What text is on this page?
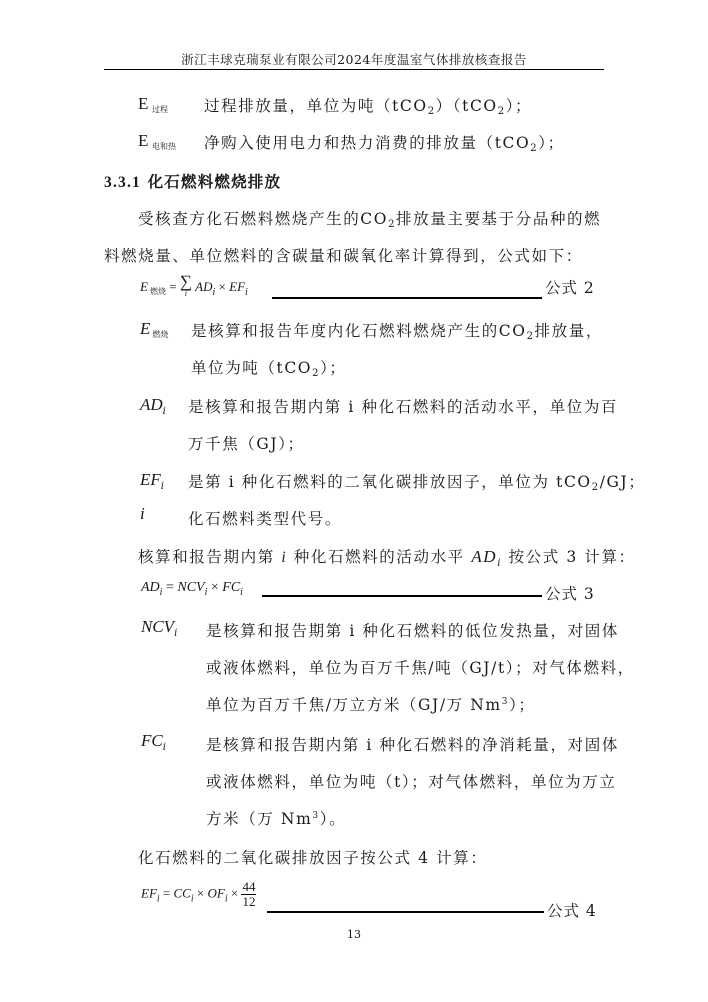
浙江丰球克瑞泵业有限公司2024年度温室气体排放核查报告
E过程 过程排放量，单位为吨（tCO$_2$）（tCO$_2$）；
E电和热 净购入使用电力和热力消费的排放量（tCO$_2$）；
3.3.1 化石燃料燃烧排放
受核查方化石燃料燃烧产生的$CO_2$排放量主要基于分品种的燃
料燃烧量、单位燃料的含碳量和碳氧化率计算得到，公式如下：
E $_{燃烧}$ = ∑
i $AD_i \times EF_i$	公式 2
E燃烧 是核算和报告年度内化石燃料燃烧产生的$CO_2$排放量，
单位为吨（tCO$_2$）；
$AD_i$ 是核算和报告期内第 i 种化石燃料的活动水平，单位为百
万千焦（GJ）；
$EF_i$ 是第 i 种化石燃料的二氧化碳排放因子，单位为 tCO$_2$/GJ；
i	化石燃料类型代号。
核算和报告期内第 i 种化石燃料的活动水平 $AD_i$ 按公式 3 计算：
$AD_i = NCV_i \times FC_i$	公式 3
$NCV_i$ 是核算和报告期第 i 种化石燃料的低位发热量，对固体
或液体燃料，单位为百万千焦/吨（GJ/t）；对气体燃料，
单位为百万千焦/万立方米（GJ/万 Nm$^3$）；
$FC_i$	是核算和报告期内第 i 种化石燃料的净消耗量，对固体
或液体燃料，单位为吨（t）；对气体燃料，单位为万立
方米（万 Nm$^3$）。
化石燃料的二氧化碳排放因子按公式 4 计算：
$EF_i = CC_i \times OF_i \times \frac{44}{12}$
公式 4
13
